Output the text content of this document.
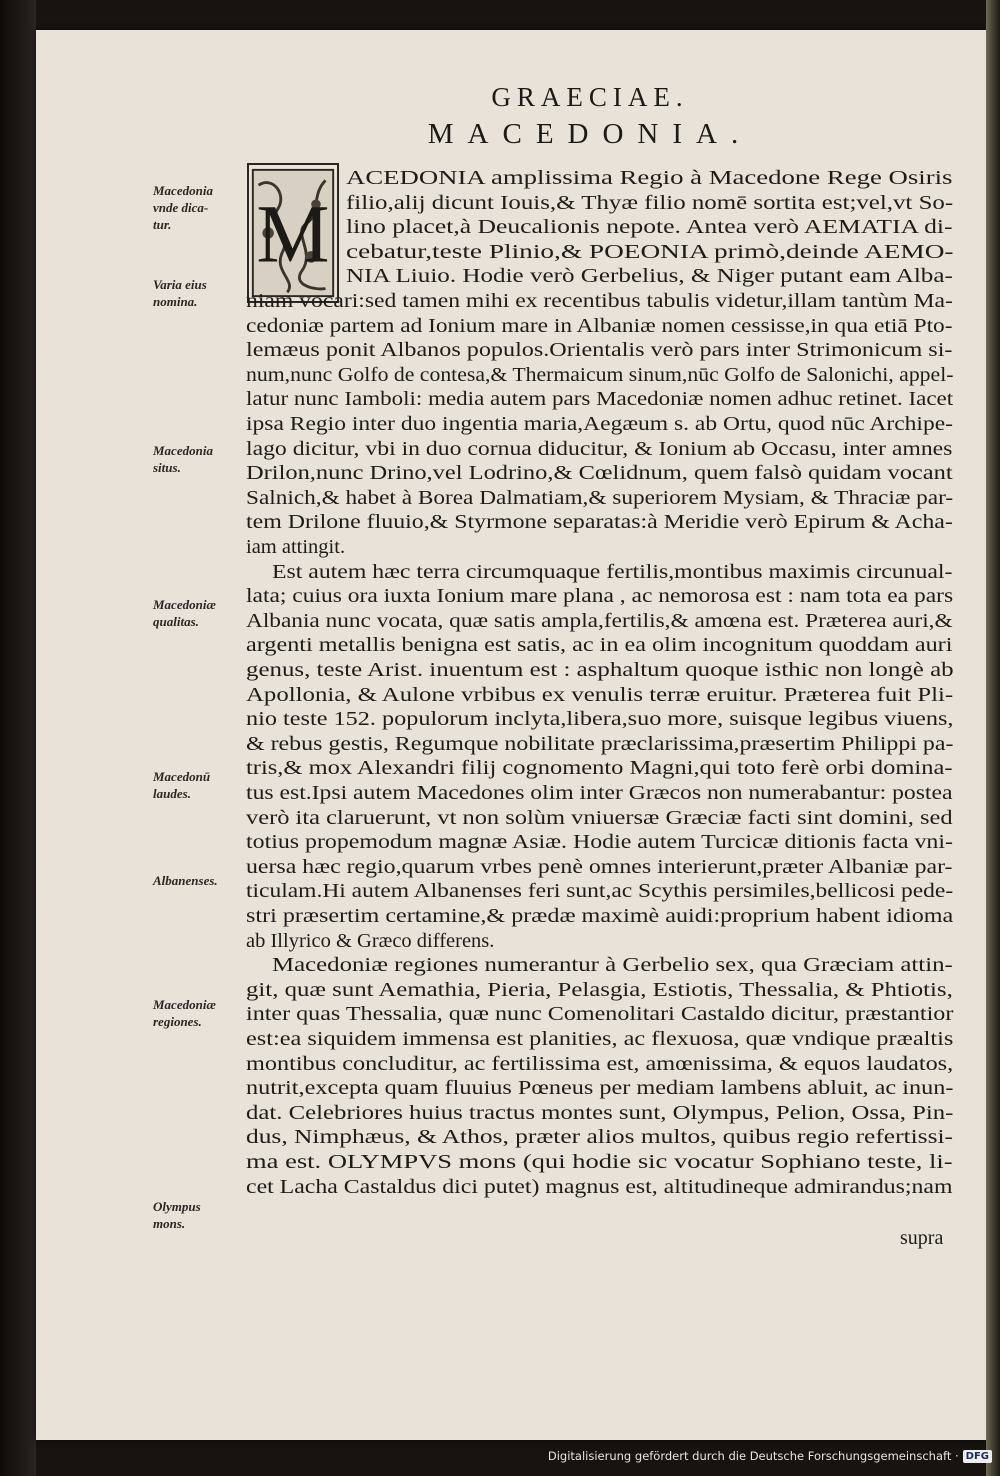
GRAECIAE.
MACEDONIA.
M
Macedonia
vnde dica-
tur.
Varia eius
nomina.
Macedonia
situs.
Macedoniæ
qualitas.
Macedonū
laudes.
Albanenses.
Macedoniæ
regiones.
Olympus
mons.
ACEDONIA amplissima Regio à Macedone Rege Osiris
filio,alij dicunt Iouis,& Thyæ filio nomē sortita est;vel,vt So-
lino placet,à Deucalionis nepote. Antea verò AEMATIA di-
cebatur,teste Plinio,& POEONIA primò,deinde AEMO-
NIA Liuio. Hodie verò Gerbelius, & Niger putant eam Alba-
niam vocari:sed tamen mihi ex recentibus tabulis videtur,illam tantùm Ma-
cedoniæ partem ad Ionium mare in Albaniæ nomen cessisse,in qua etiā Pto-
lemæus ponit Albanos populos.Orientalis verò pars inter Strimonicum si-
num,nunc Golfo de contesa,& Thermaicum sinum,nūc Golfo de Salonichi, appel-
latur nunc Iamboli: media autem pars Macedoniæ nomen adhuc retinet. Iacet
ipsa Regio inter duo ingentia maria,Aegæum s. ab Ortu, quod nūc Archipe-
lago dicitur, vbi in duo cornua diducitur, & Ionium ab Occasu, inter amnes
Drilon,nunc Drino,vel Lodrino,& Cœlidnum, quem falsò quidam vocant
Salnich,& habet à Borea Dalmatiam,& superiorem Mysiam, & Thraciæ par-
tem Drilone fluuio,& Styrmone separatas:à Meridie verò Epirum & Acha-
iam attingit.
Est autem hæc terra circumquaque fertilis,montibus maximis circunual-
lata; cuius ora iuxta Ionium mare plana , ac nemorosa est : nam tota ea pars
Albania nunc vocata, quæ satis ampla,fertilis,& amœna est. Præterea auri,&
argenti metallis benigna est satis, ac in ea olim incognitum quoddam auri
genus, teste Arist. inuentum est : asphaltum quoque isthic non longè ab
Apollonia, & Aulone vrbibus ex venulis terræ eruitur. Præterea fuit Pli-
nio teste 152. populorum inclyta,libera,suo more, suisque legibus viuens,
& rebus gestis, Regumque nobilitate præclarissima,præsertim Philippi pa-
tris,& mox Alexandri filij cognomento Magni,qui toto ferè orbi domina-
tus est.Ipsi autem Macedones olim inter Græcos non numerabantur: postea
verò ita claruerunt, vt non solùm vniuersæ Græciæ facti sint domini, sed
totius propemodum magnæ Asiæ. Hodie autem Turcicæ ditionis facta vni-
uersa hæc regio,quarum vrbes penè omnes interierunt,præter Albaniæ par-
ticulam.Hi autem Albanenses feri sunt,ac Scythis persimiles,bellicosi pede-
stri præsertim certamine,& prædæ maximè auidi:proprium habent idioma
ab Illyrico & Græco differens.
Macedoniæ regiones numerantur à Gerbelio sex, qua Græciam attin-
git, quæ sunt Aemathia, Pieria, Pelasgia, Estiotis, Thessalia, & Phtiotis,
inter quas Thessalia, quæ nunc Comenolitari Castaldo dicitur, præstantior
est:ea siquidem immensa est planities, ac flexuosa, quæ vndique præaltis
montibus concluditur, ac fertilissima est, amœnissima, & equos laudatos,
nutrit,excepta quam fluuius Pœneus per mediam lambens abluit, ac inun-
dat. Celebriores huius tractus montes sunt, Olympus, Pelion, Ossa, Pin-
dus, Nimphæus, & Athos, præter alios multos, quibus regio refertissi-
ma est. OLYMPVS mons (qui hodie sic vocatur Sophiano teste, li-
cet Lacha Castaldus dici putet) magnus est, altitudineque admirandus;nam
supra
Digitalisierung gefördert durch die Deutsche Forschungsgemeinschaft · DFG
